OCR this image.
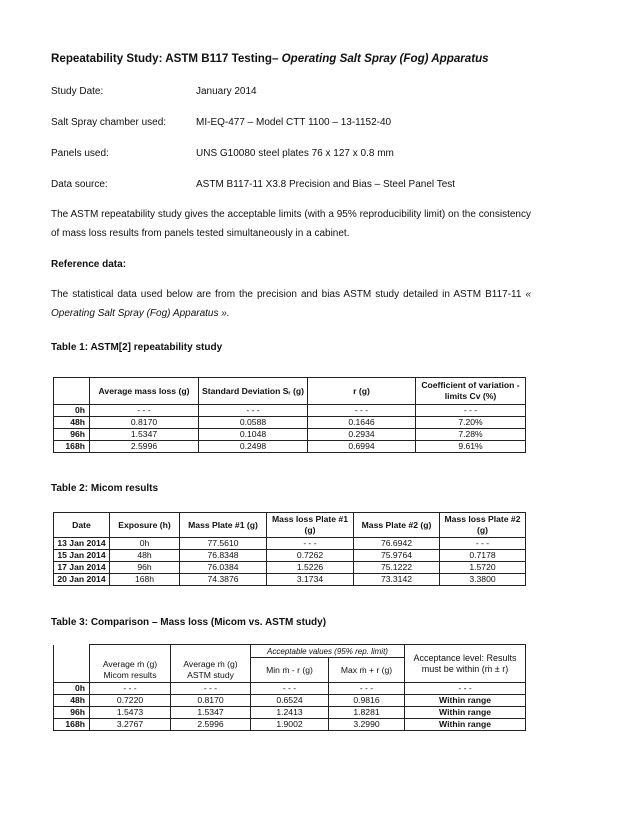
Repeatability Study: ASTM B117 Testing– Operating Salt Spray (Fog) Apparatus
Study Date:	January 2014
Salt Spray chamber used:	MI-EQ-477 – Model CTT 1100 – 13-1152-40
Panels used:	UNS G10080 steel plates 76 x 127 x 0.8 mm
Data source:	ASTM B117-11 X3.8 Precision and Bias – Steel Panel Test
The ASTM repeatability study gives the acceptable limits (with a 95% reproducibility limit) on the consistency of mass loss results from panels tested simultaneously in a cabinet.
Reference data:
The statistical data used below are from the precision and bias ASTM study detailed in ASTM B117-11 « Operating Salt Spray (Fog) Apparatus ».
Table 1: ASTM[2] repeatability study
	Average mass loss (g)	Standard Deviation Sᵣ (g)	r (g)	Coefficient of variation - limits Cv (%)
0h	- - -	- - -	- - -	- - -
48h	0.8170	0.0588	0.1646	7.20%
96h	1.5347	0.1048	0.2934	7.28%
168h	2.5996	0.2498	0.6994	9.61%
Table 2: Micom results
Date	Exposure (h)	Mass Plate #1 (g)	Mass loss Plate #1 (g)	Mass Plate #2 (g)	Mass loss Plate #2 (g)
13 Jan 2014	0h	77.5610	- - -	76.6942	- - -
15 Jan 2014	48h	76.8348	0.7262	75.9764	0.7178
17 Jan 2014	96h	76.0384	1.5226	75.1222	1.5720
20 Jan 2014	168h	74.3876	3.1734	73.3142	3.3800
Table 3: Comparison – Mass loss (Micom vs. ASTM study)
			Acceptable values (95% rep. limit)		Acceptance level: Results must be within (ṁ ± r)
	Average ṁ (g) Micom results	Average ṁ (g) ASTM study	Min ṁ - r (g)	Max ṁ + r (g)	
0h	- - -	- - -	- - -	- - -	- - -
48h	0.7220	0.8170	0.6524	0.9816	Within range
96h	1.5473	1.5347	1.2413	1.8281	Within range
168h	3.2767	2.5996	1.9002	3.2990	Within range
